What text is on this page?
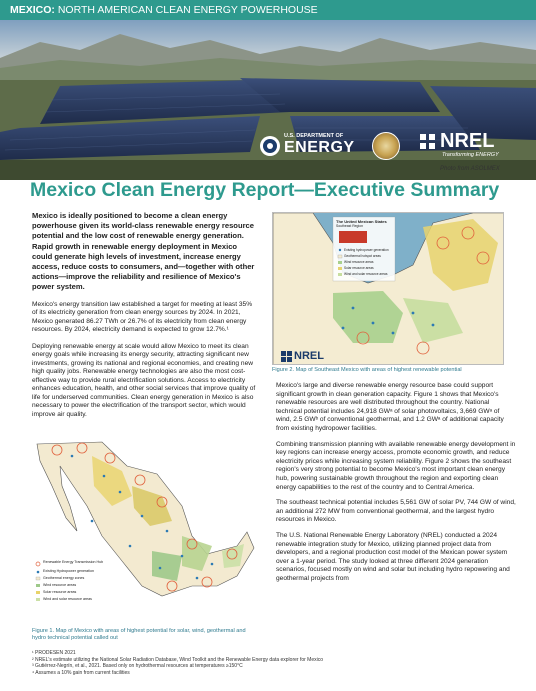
MEXICO: NORTH AMERICAN CLEAN ENERGY POWERHOUSE
U.S. DEPARTMENT OF
ENERGY	NREL
Transforming ENERGY
Photo from ASOLMEX
Mexico Clean Energy Report—Executive Summary

Mexico is ideally positioned to become a clean energy powerhouse given its world-class renewable energy resource potential and the low cost of renewable energy generation. Rapid growth in renewable energy deployment in Mexico could generate high levels of investment, increase energy access, reduce costs to consumers, and—together with other actions—improve the reliability and resilience of Mexico's power system.

Mexico's energy transition law established a target for meeting at least 35% of its electricity generation from clean energy sources by 2024. In 2021, Mexico generated 86.27 TWh or 26.7% of its electricity from clean energy resources. By 2024, electricity demand is expected to grow 12.7%.¹

Deploying renewable energy at scale would allow Mexico to meet its clean energy goals while increasing its energy security, attracting significant new investments, growing its national and regional economies, and creating new high quality jobs. Renewable energy technologies are also the most cost-effective way to provide rural electrification solutions. Access to electricity enhances education, health, and other social services that improve quality of life for underserved communities. Clean energy generation in Mexico is also necessary to power the electrification of the transport sector, which would improve air quality.

Renewable Energy Transmission Hub
Existing Hydropower generation
Geothermal energy zones
Wind resource areas
Solar resource areas
Wind and solar resource areas
Figure 1. Map of Mexico with areas of highest potential for solar, wind, geothermal and hydro technical potential called out
The United Mexican States
Southeast Region
Existing hydropower generation
Geothermal hotspot areas
Wind resource areas
Solar resource areas
Wind and solar resource areas
NREL
Figure 2. Map of Southeast Mexico with areas of highest renewable potential

Mexico's large and diverse renewable energy resource base could support significant growth in clean generation capacity. Figure 1 shows that Mexico's renewable resources are well distributed throughout the country. National technical potential includes 24,918 GWᵃ of solar photovoltaics, 3,669 GWᵃ of wind, 2.5 GWᵇ of conventional geothermal, and 1.2 GWᵃ of additional capacity from existing hydropower facilities.

Combining transmission planning with available renewable energy development in key regions can increase energy access, promote economic growth, and reduce electricity prices while increasing system reliability. Figure 2 shows the southeast region's very strong potential to become Mexico's most important clean energy hub, powering sustainable growth throughout the region and exporting clean energy capabilities to the rest of the country and to Central America.

The southeast technical potential includes 5,561 GW of solar PV, 744 GW of wind, an additional 272 MW from conventional geothermal, and the largest hydro resources in Mexico.

The U.S. National Renewable Energy Laboratory (NREL) conducted a 2024 renewable integration study for Mexico, utilizing planned project data from developers, and a regional production cost model of the Mexican power system over a 1-year period. The study looked at three different 2024 generation scenarios, focused mostly on wind and solar but including hydro repowering and geothermal projects from

¹ PRODESEN 2021
² NREL's estimate utilizing the National Solar Radiation Database, Wind Toolkit and the Renewable Energy data explorer for Mexico
³ Gutiérrez-Negrín, et al., 2021. Based only on hydrothermal resources at temperatures ≥150°C
⁴ Assumes a 10% gain from current facilities
